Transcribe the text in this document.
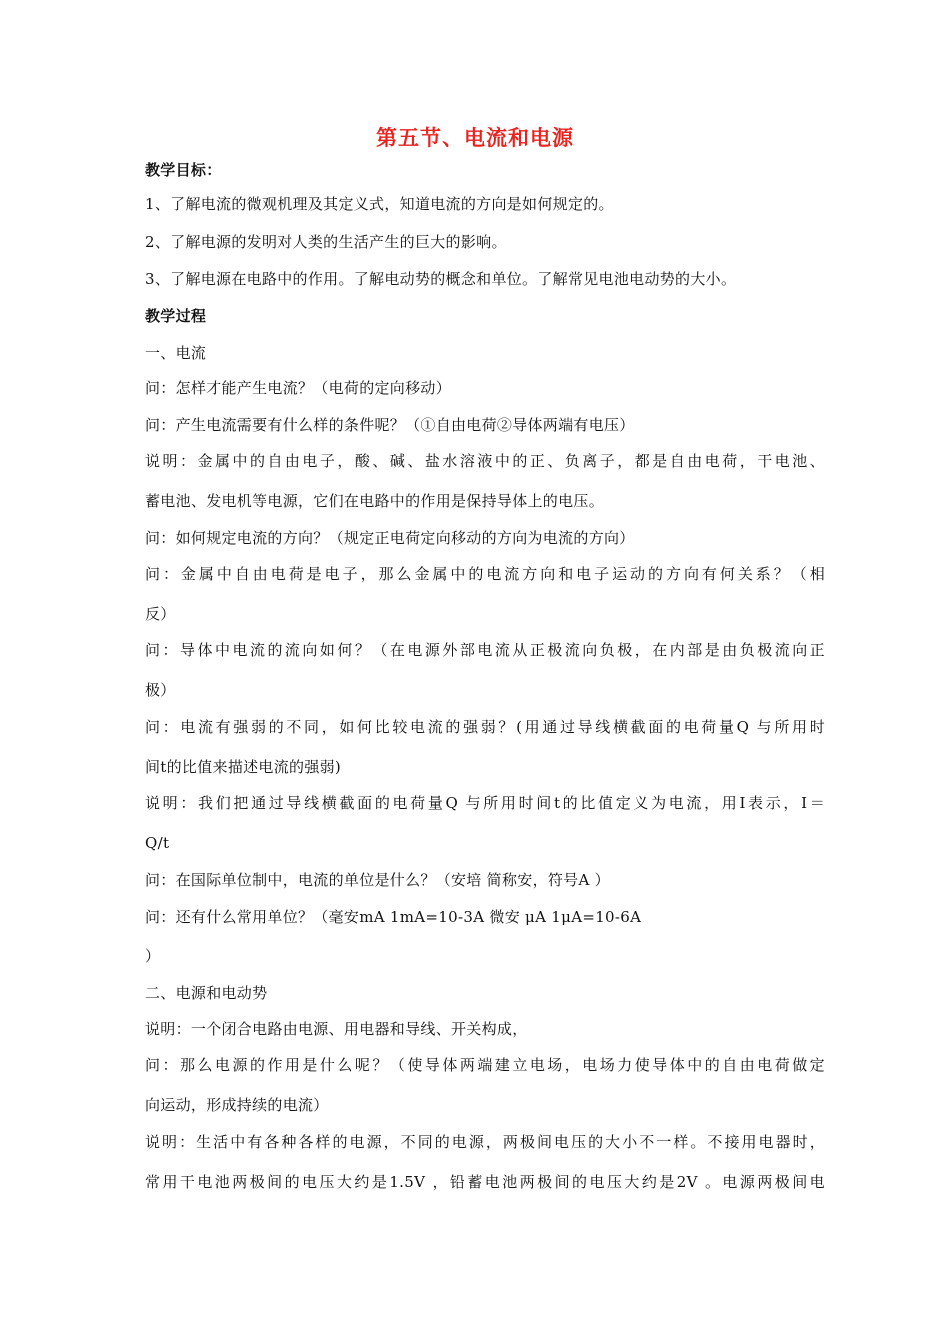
第五节、电流和电源
教学目标：
1、了解电流的微观机理及其定义式，知道电流的方向是如何规定的。
2、了解电源的发明对人类的生活产生的巨大的影响。
3、了解电源在电路中的作用。了解电动势的概念和单位。了解常见电池电动势的大小。
教学过程
一、电流
问：怎样才能产生电流？（电荷的定向移动）
问：产生电流需要有什么样的条件呢？（①自由电荷②导体两端有电压）
说明：金属中的自由电子，酸、碱、盐水溶液中的正、负离子，都是自由电荷，干电池、
蓄电池、发电机等电源，它们在电路中的作用是保持导体上的电压。
问：如何规定电流的方向？（规定正电荷定向移动的方向为电流的方向）
问：金属中自由电荷是电子，那么金属中的电流方向和电子运动的方向有何关系？（相
反）
问：导体中电流的流向如何？（在电源外部电流从正极流向负极，在内部是由负极流向正
极）
问：电流有强弱的不同，如何比较电流的强弱？(用通过导线横截面的电荷量Q 与所用时
间t的比值来描述电流的强弱)
说明：我们把通过导线横截面的电荷量Q 与所用时间t的比值定义为电流，用I表示，I＝
Q/t
问：在国际单位制中，电流的单位是什么？（安培 简称安，符号A ）
问：还有什么常用单位？（毫安mA 1mA=10-3A 微安 μA 1μA=10-6A
）
二、电源和电动势
说明：一个闭合电路由电源、用电器和导线、开关构成，
问：那么电源的作用是什么呢？（使导体两端建立电场，电场力使导体中的自由电荷做定
向运动，形成持续的电流）
说明：生活中有各种各样的电源，不同的电源，两极间电压的大小不一样。不接用电器时，
常用干电池两极间的电压大约是1.5V ，铅蓄电池两极间的电压大约是2V 。电源两极间电
